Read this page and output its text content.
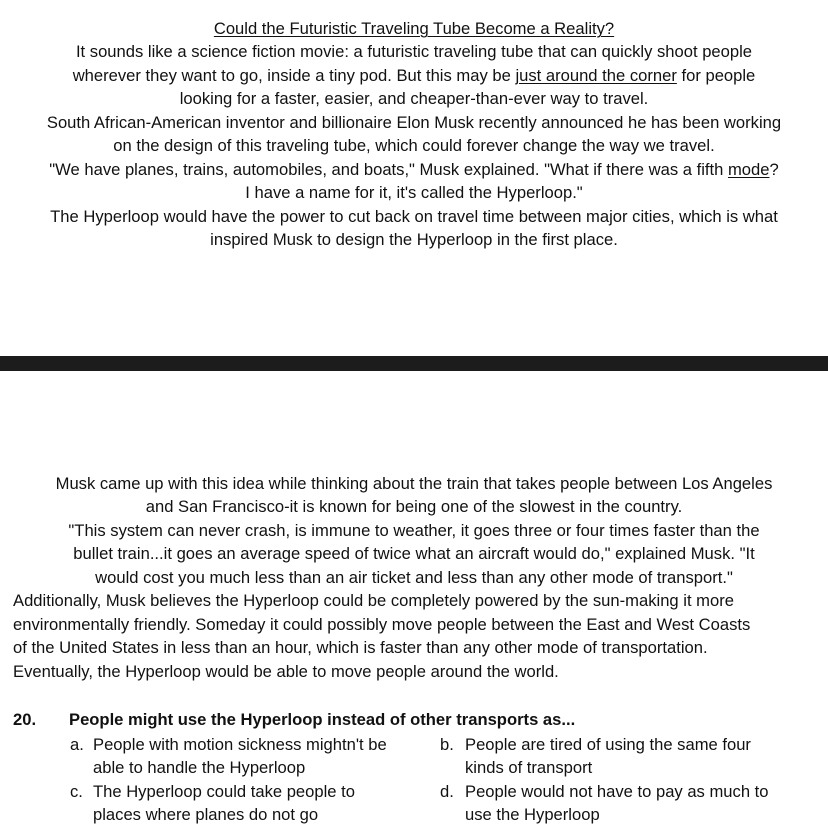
Could the Futuristic Traveling Tube Become a Reality?
It sounds like a science fiction movie: a futuristic traveling tube that can quickly shoot people
wherever they want to go, inside a tiny pod. But this may be just around the corner for people
looking for a faster, easier, and cheaper-than-ever way to travel.
South African-American inventor and billionaire Elon Musk recently announced he has been working
on the design of this traveling tube, which could forever change the way we travel.
"We have planes, trains, automobiles, and boats," Musk explained. "What if there was a fifth mode?
I have a name for it, it's called the Hyperloop."
The Hyperloop would have the power to cut back on travel time between major cities, which is what
inspired Musk to design the Hyperloop in the first place.
Musk came up with this idea while thinking about the train that takes people between Los Angeles
and San Francisco-it is known for being one of the slowest in the country.
"This system can never crash, is immune to weather, it goes three or four times faster than the
bullet train...it goes an average speed of twice what an aircraft would do," explained Musk. "It
would cost you much less than an air ticket and less than any other mode of transport."
Additionally, Musk believes the Hyperloop could be completely powered by the sun-making it more
environmentally friendly. Someday it could possibly move people between the East and West Coasts
of the United States in less than an hour, which is faster than any other mode of transportation.
Eventually, the Hyperloop would be able to move people around the world.
20. People might use the Hyperloop instead of other transports as...
a. People with motion sickness mightn't be
able to handle the Hyperloop
b. People are tired of using the same four
kinds of transport
c. The Hyperloop could take people to
places where planes do not go
d. People would not have to pay as much to
use the Hyperloop
